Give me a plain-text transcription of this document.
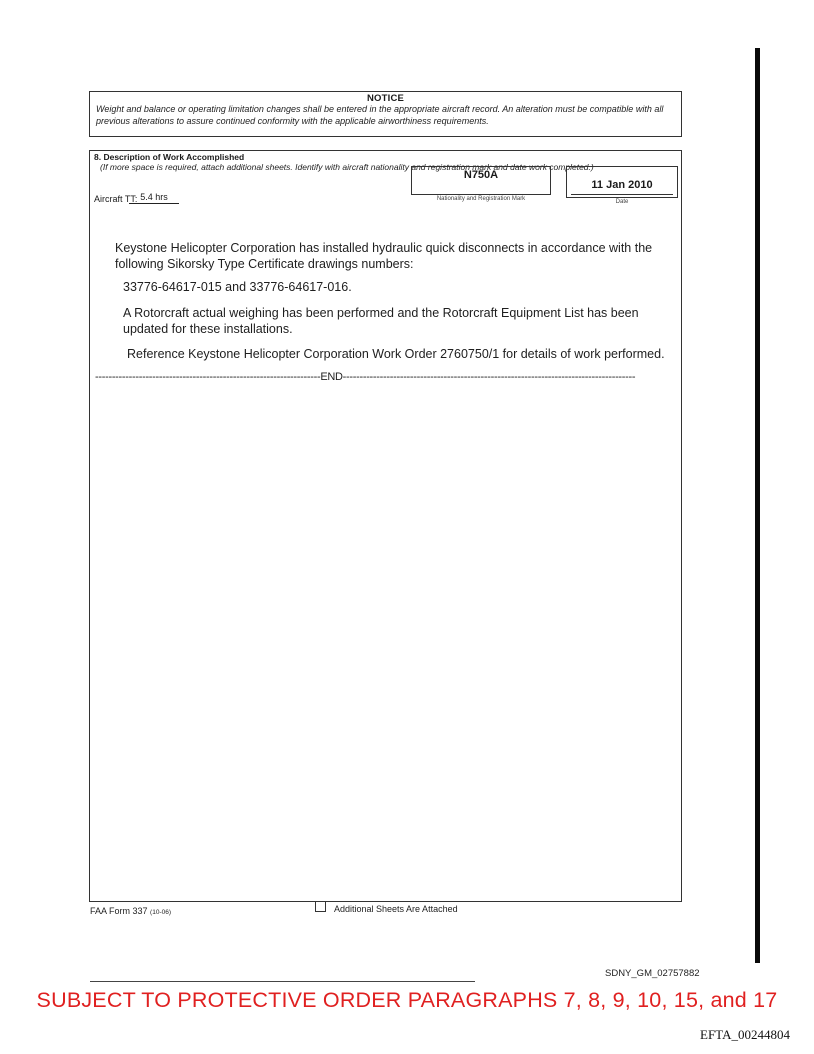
NOTICE
Weight and balance or operating limitation changes shall be entered in the appropriate aircraft record. An alteration must be compatible with all previous alterations to assure continued conformity with the applicable airworthiness requirements.
8. Description of Work Accomplished
(If more space is required, attach additional sheets. Identify with aircraft nationality and registration mark and date work completed.)
Aircraft TT: 5.4 hrs
N750A
Nationality and Registration Mark
11 Jan 2010
Date
Keystone Helicopter Corporation has installed hydraulic quick disconnects in accordance with the following Sikorsky Type Certificate drawings numbers:
33776-64617-015 and 33776-64617-016.
A Rotorcraft actual weighing has been performed and the Rotorcraft Equipment List has been updated for these installations.
Reference Keystone Helicopter Corporation Work Order 2760750/1 for details of work performed.
-------------------------------------------------------------------END---------------------------------------------------------------------------------------
Additional Sheets Are Attached
FAA Form 337 (10-06)
SDNY_GM_02757882
SUBJECT TO PROTECTIVE ORDER PARAGRAPHS 7, 8, 9, 10, 15, and 17
EFTA_00244804
